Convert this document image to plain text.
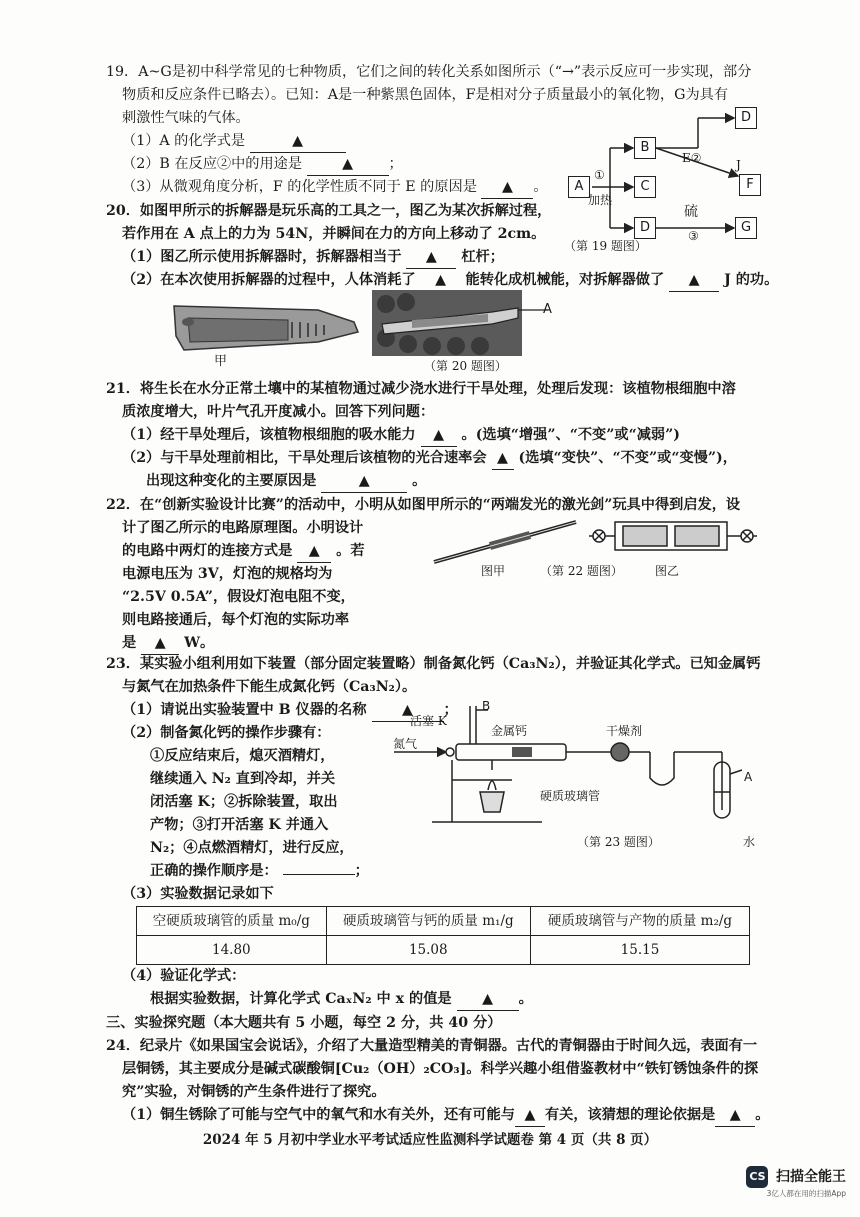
19．A~G是初中科学常见的七种物质，它们之间的转化关系如图所示（“→”表示反应可一步实现，部分
物质和反应条件已略去）。已知：A是一种紫黑色固体，F是相对分子质量最小的氧化物，G为具有
刺激性气味的气体。
（1）A 的化学式是	▲
（2）B 在反应②中的用途是	▲	；
（3）从微观角度分析，F 的化学性质不同于 E 的原因是 ▲ 。	A
B
C
D
D
F
G
①
加热
E②	J
硫
③
（第 19 题图）
20．如图甲所示的拆解器是玩乐高的工具之一，图乙为某次拆解过程，
若作用在 A 点上的力为 54N，并瞬间在力的方向上移动了 2cm。
（1）图乙所示使用拆解器时，拆解器相当于 ▲ 杠杆；
（2）在本次使用拆解器的过程中，人体消耗了 ▲ 能转化成机械能，对拆解器做了 ▲ J 的功。
甲
A
（第 20 题图）
21．将生长在水分正常土壤中的某植物通过减少浇水进行干旱处理，处理后发现：该植物根细胞中溶
质浓度增大，叶片气孔开度减小。回答下列问题：
（1）经干旱处理后，该植物根细胞的吸水能力 ▲ 。(选填“增强”、“不变”或“减弱”)
（2）与干旱处理前相比，干旱处理后该植物的光合速率会 ▲ (选填“变快”、“不变”或“变慢”)，
出现这种变化的主要原因是	▲	。
22．在“创新实验设计比赛”的活动中，小明从如图甲所示的“两端发光的激光剑”玩具中得到启发，设
计了图乙所示的电路原理图。小明设计
的电路中两灯的连接方式是 ▲ 。若
电源电压为 3V，灯泡的规格均为
“2.5V 0.5A”，假设灯泡电阻不变，
则电路接通后，每个灯泡的实际功率
是 ▲ W。
图甲	（第 22 题图）	图乙
23．某实验小组利用如下装置（部分固定装置略）制备氮化钙（Ca₃N₂），并验证其化学式。已知金属钙
与氮气在加热条件下能生成氮化钙（Ca₃N₂）。
（1）请说出实验装置中 B 仪器的名称 ▲ ；
（2）制备氮化钙的操作步骤有：
①反应结束后，熄灭酒精灯，
继续通入 N₂ 直到冷却，并关
闭活塞 K；②拆除装置，取出
产物；③打开活塞 K 并通入
N₂；④点燃酒精灯，进行反应，
正确的操作顺序是：	；
B
活塞 K
金属钙	干燥剂
氮气
硬质玻璃管
A
水
（第 23 题图）
（3）实验数据记录如下
空硬质玻璃管的质量 m₀/g	硬质玻璃管与钙的质量 m₁/g	硬质玻璃管与产物的质量 m₂/g
14.80	15.08	15.15
（4）验证化学式：
根据实验数据，计算化学式 CaₓN₂ 中 x 的值是 ▲ 。
三、实验探究题（本大题共有 5 小题，每空 2 分，共 40 分）
24．纪录片《如果国宝会说话》，介绍了大量造型精美的青铜器。古代的青铜器由于时间久远，表面有一
层铜锈，其主要成分是碱式碳酸铜[Cu₂（OH）₂CO₃]。科学兴趣小组借鉴教材中“铁钉锈蚀条件的探
2024 年 5 月初中学业水平考试适应性监测科学试题卷 第 4 页（共 8 页）
CS 扫描全能王
3亿人都在用的扫描App
究”实验，对铜锈的产生条件进行了探究。
（1）铜生锈除了可能与空气中的氧气和水有关外，还有可能与 ▲ 有关，该猜想的理论依据是 ▲ 。
